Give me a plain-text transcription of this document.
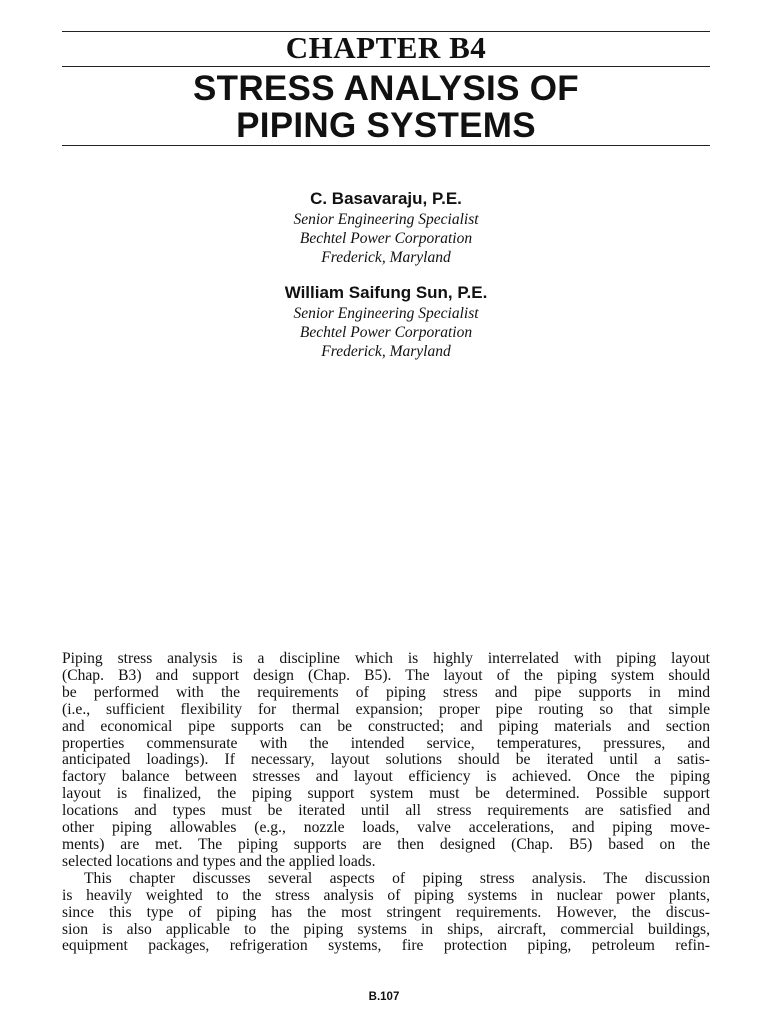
CHAPTER B4
STRESS ANALYSIS OF
PIPING SYSTEMS
C. Basavaraju, P.E.
Senior Engineering Specialist
Bechtel Power Corporation
Frederick, Maryland
William Saifung Sun, P.E.
Senior Engineering Specialist
Bechtel Power Corporation
Frederick, Maryland
Piping stress analysis is a discipline which is highly interrelated with piping layout
(Chap. B3) and support design (Chap. B5). The layout of the piping system should
be performed with the requirements of piping stress and pipe supports in mind
(i.e., sufficient flexibility for thermal expansion; proper pipe routing so that simple
and economical pipe supports can be constructed; and piping materials and section
properties commensurate with the intended service, temperatures, pressures, and
anticipated loadings). If necessary, layout solutions should be iterated until a satis-
factory balance between stresses and layout efficiency is achieved. Once the piping
layout is finalized, the piping support system must be determined. Possible support
locations and types must be iterated until all stress requirements are satisfied and
other piping allowables (e.g., nozzle loads, valve accelerations, and piping move-
ments) are met. The piping supports are then designed (Chap. B5) based on the
selected locations and types and the applied loads.
This chapter discusses several aspects of piping stress analysis. The discussion
is heavily weighted to the stress analysis of piping systems in nuclear power plants,
since this type of piping has the most stringent requirements. However, the discus-
sion is also applicable to the piping systems in ships, aircraft, commercial buildings,
equipment packages, refrigeration systems, fire protection piping, petroleum refin-
B.107
